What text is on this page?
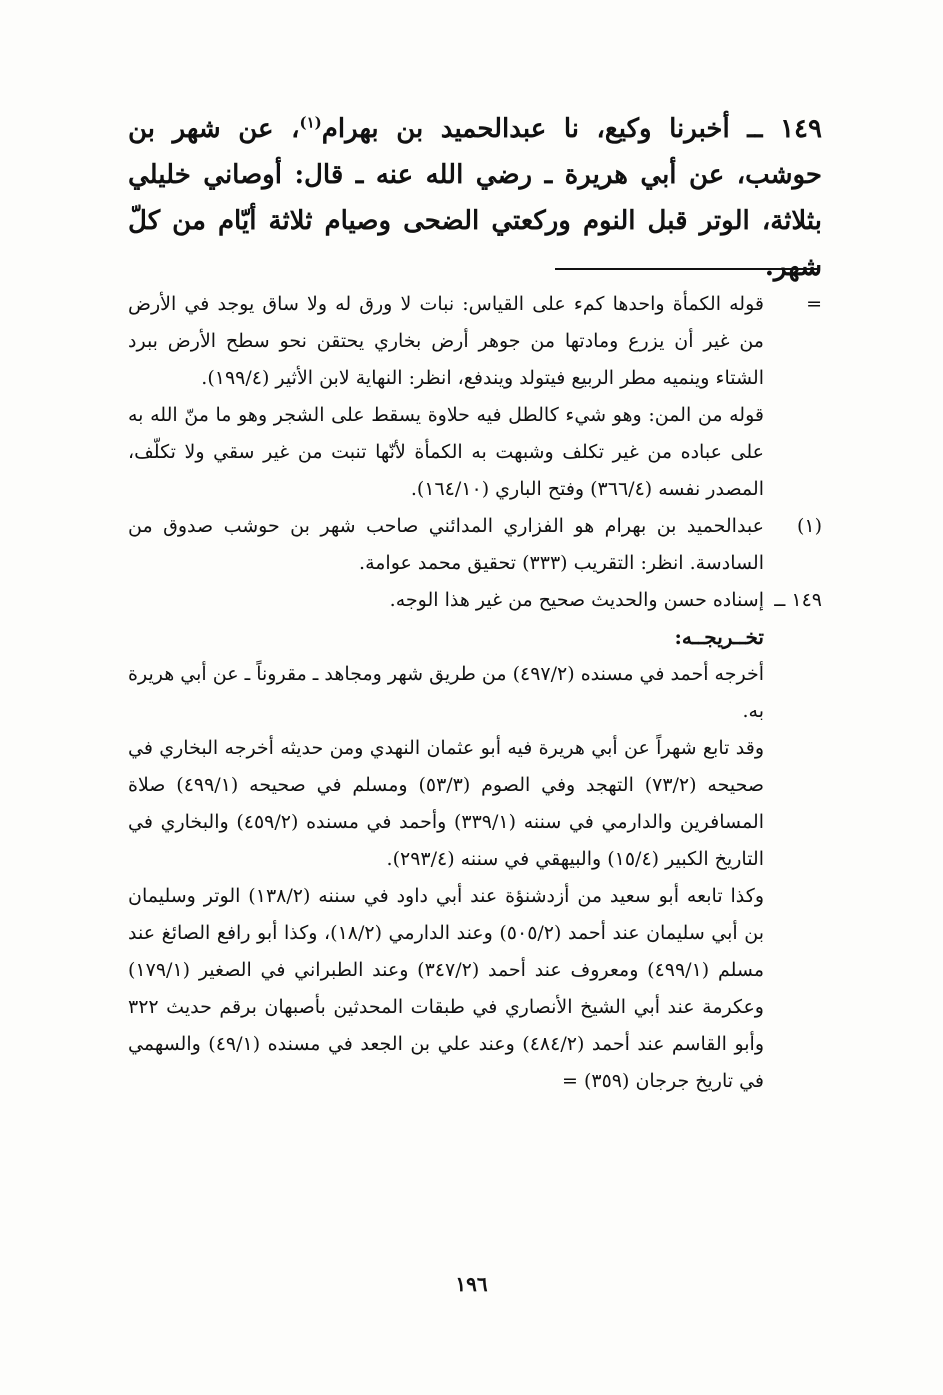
١٤٩ ــ أخبرنا وكيع، نا عبدالحميد بن بهرام$^{(١)}$، عن شهر بن حوشب، عن أبي هريرة ـ رضي الله عنه ـ قال: أوصاني خليلي بثلاثة، الوتر قبل النوم وركعتي الضحى وصيام ثلاثة أيّام من كلّ شهر.

=
قوله الكمأة واحدها كمء على القياس: نبات لا ورق له ولا ساق يوجد في الأرض من غير أن يزرع ومادتها من جوهر أرض بخاري يحتقن نحو سطح الأرض ببرد الشتاء وينميه مطر الربيع فيتولد ويندفع، انظر: النهاية لابن الأثير (١٩٩/٤).
قوله من المن: وهو شيء كالطل فيه حلاوة يسقط على الشجر وهو ما منّ الله به على عباده من غير تكلف وشبهت به الكمأة لأنّها تنبت من غير سقي ولا تكلّف، المصدر نفسه (٣٦٦/٤) وفتح الباري (١٦٤/١٠).
(١)
عبدالحميد بن بهرام هو الفزاري المدائني صاحب شهر بن حوشب صدوق من السادسة. انظر: التقريب (٣٣٣) تحقيق محمد عوامة.
١٤٩ ــ
إسناده حسن والحديث صحيح من غير هذا الوجه.
تخــريجــه:
أخرجه أحمد في مسنده (٤٩٧/٢) من طريق شهر ومجاهد ـ مقروناً ـ عن أبي هريرة به.
وقد تابع شهراً عن أبي هريرة فيه أبو عثمان النهدي ومن حديثه أخرجه البخاري في صحيحه (٧٣/٢) التهجد وفي الصوم (٥٣/٣) ومسلم في صحيحه (٤٩٩/١) صلاة المسافرين والدارمي في سننه (٣٣٩/١) وأحمد في مسنده (٤٥٩/٢) والبخاري في التاريخ الكبير (١٥/٤) والبيهقي في سننه (٢٩٣/٤).
وكذا تابعه أبو سعيد من أزدشنؤة عند أبي داود في سننه (١٣٨/٢) الوتر وسليمان بن أبي سليمان عند أحمد (٥٠٥/٢) وعند الدارمي (١٨/٢)، وكذا أبو رافع الصائغ عند مسلم (٤٩٩/١) ومعروف عند أحمد (٣٤٧/٢) وعند الطبراني في الصغير (١٧٩/١) وعكرمة عند أبي الشيخ الأنصاري في طبقات المحدثين بأصبهان برقم حديث ٣٢٢ وأبو القاسم عند أحمد (٤٨٤/٢) وعند علي بن الجعد في مسنده (٤٩/١) والسهمي في تاريخ جرجان (٣٥٩) =
١٩٦
